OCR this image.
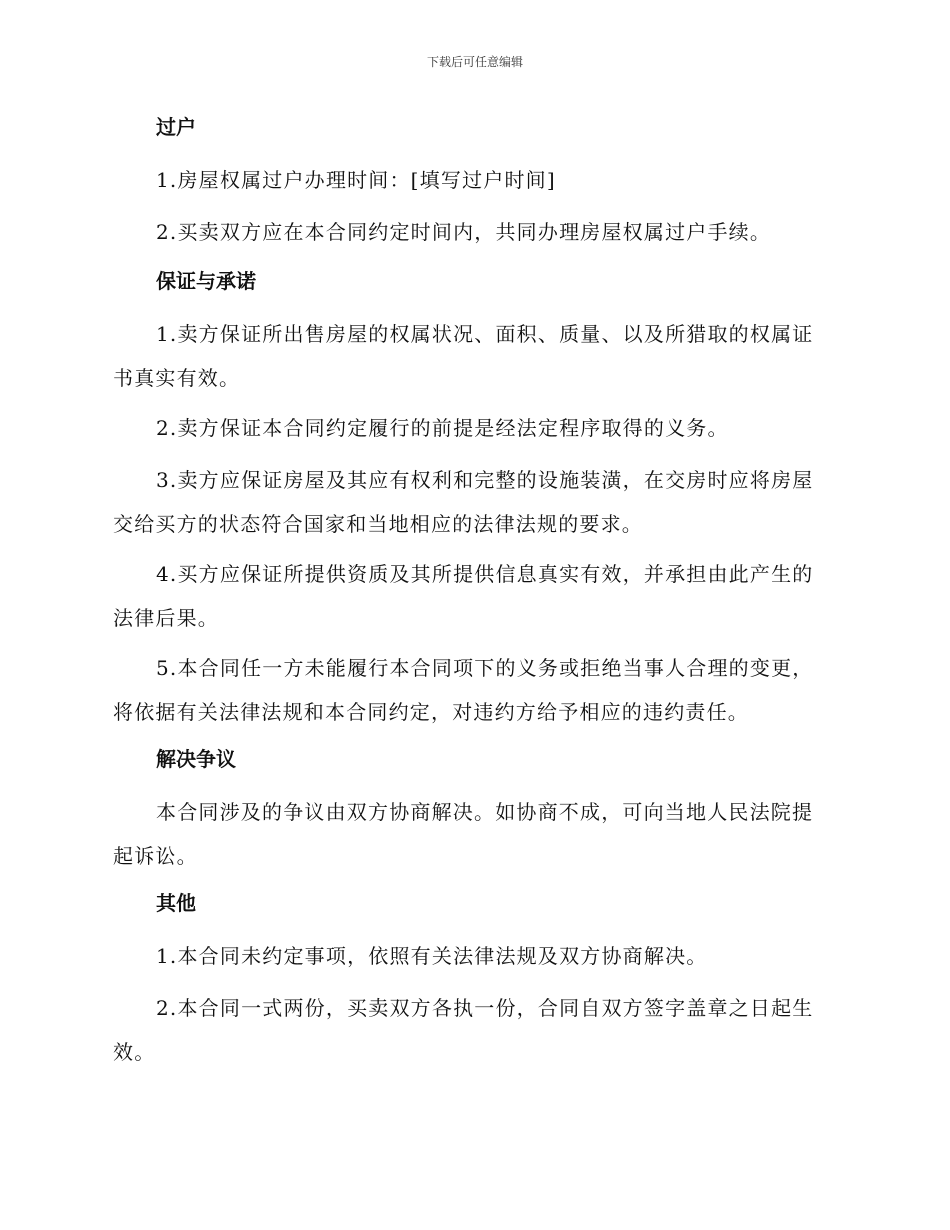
下载后可任意编辑
过户
1.房屋权属过户办理时间：[填写过户时间]
2.买卖双方应在本合同约定时间内，共同办理房屋权属过户手续。
保证与承诺
1.卖方保证所出售房屋的权属状况、面积、质量、以及所猎取的权属证书真实有效。
2.卖方保证本合同约定履行的前提是经法定程序取得的义务。
3.卖方应保证房屋及其应有权利和完整的设施装潢，在交房时应将房屋交给买方的状态符合国家和当地相应的法律法规的要求。
4.买方应保证所提供资质及其所提供信息真实有效，并承担由此产生的法律后果。
5.本合同任一方未能履行本合同项下的义务或拒绝当事人合理的变更，将依据有关法律法规和本合同约定，对违约方给予相应的违约责任。
解决争议
本合同涉及的争议由双方协商解决。如协商不成，可向当地人民法院提起诉讼。
其他
1.本合同未约定事项，依照有关法律法规及双方协商解决。
2.本合同一式两份，买卖双方各执一份，合同自双方签字盖章之日起生效。
